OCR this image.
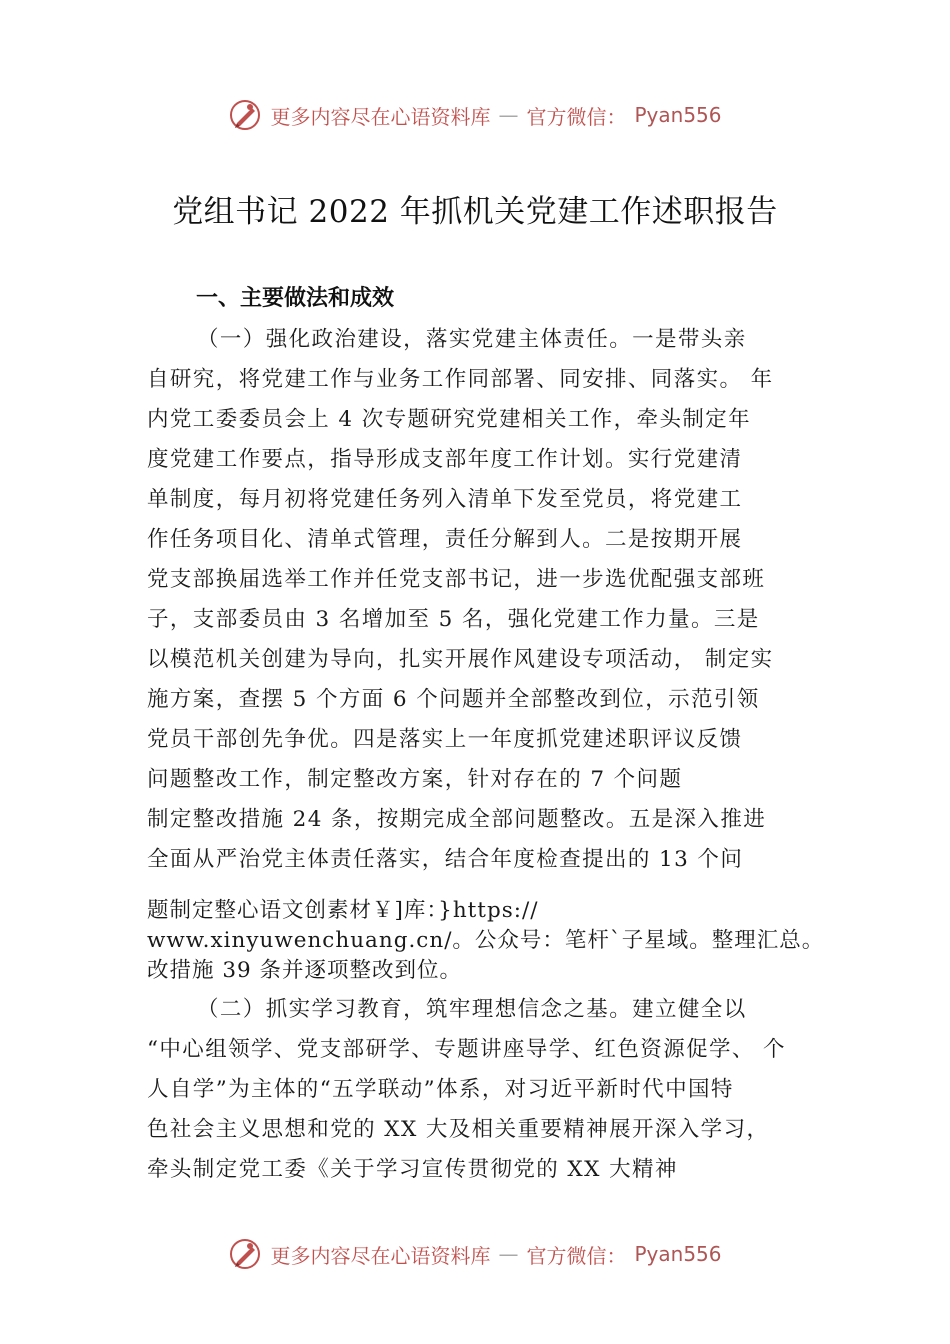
更多内容尽在心语资料库 — 官方微信： Pyan556
党组书记 2022 年抓机关党建工作述职报告
一、主要做法和成效

（一）强化政治建设，落实党建主体责任。一是带头亲

自研究，将党建工作与业务工作同部署、同安排、同落实。 年

内党工委委员会上 4 次专题研究党建相关工作，牵头制定年

度党建工作要点，指导形成支部年度工作计划。实行党建清

单制度，每月初将党建任务列入清单下发至党员，将党建工

作任务项目化、清单式管理，责任分解到人。二是按期开展

党支部换届选举工作并任党支部书记，进一步选优配强支部班

子，支部委员由 3 名增加至 5 名，强化党建工作力量。三是

以模范机关创建为导向，扎实开展作风建设专项活动， 制定实

施方案，查摆 5 个方面 6 个问题并全部整改到位，示范引领

党员干部创先争优。四是落实上一年度抓党建述职评议反馈

问题整改工作，制定整改方案，针对存在的 7 个问题

制定整改措施 24 条，按期完成全部问题整改。五是深入推进

全面从严治党主体责任落实，结合年度检查提出的 13 个问

题制定整心语文创素材￥]库：}https://

www.xinyuwenchuang.cn/。公众号：笔杆`子星域。整理汇总。

改措施 39 条并逐项整改到位。

（二）抓实学习教育，筑牢理想信念之基。建立健全以

“中心组领学、党支部研学、专题讲座导学、红色资源促学、 个

人自学”为主体的“五学联动”体系，对习近平新时代中国特

色社会主义思想和党的 XX 大及相关重要精神展开深入学习，

牵头制定党工委《关于学习宣传贯彻党的 XX 大精神

更多内容尽在心语资料库 — 官方微信： Pyan556
